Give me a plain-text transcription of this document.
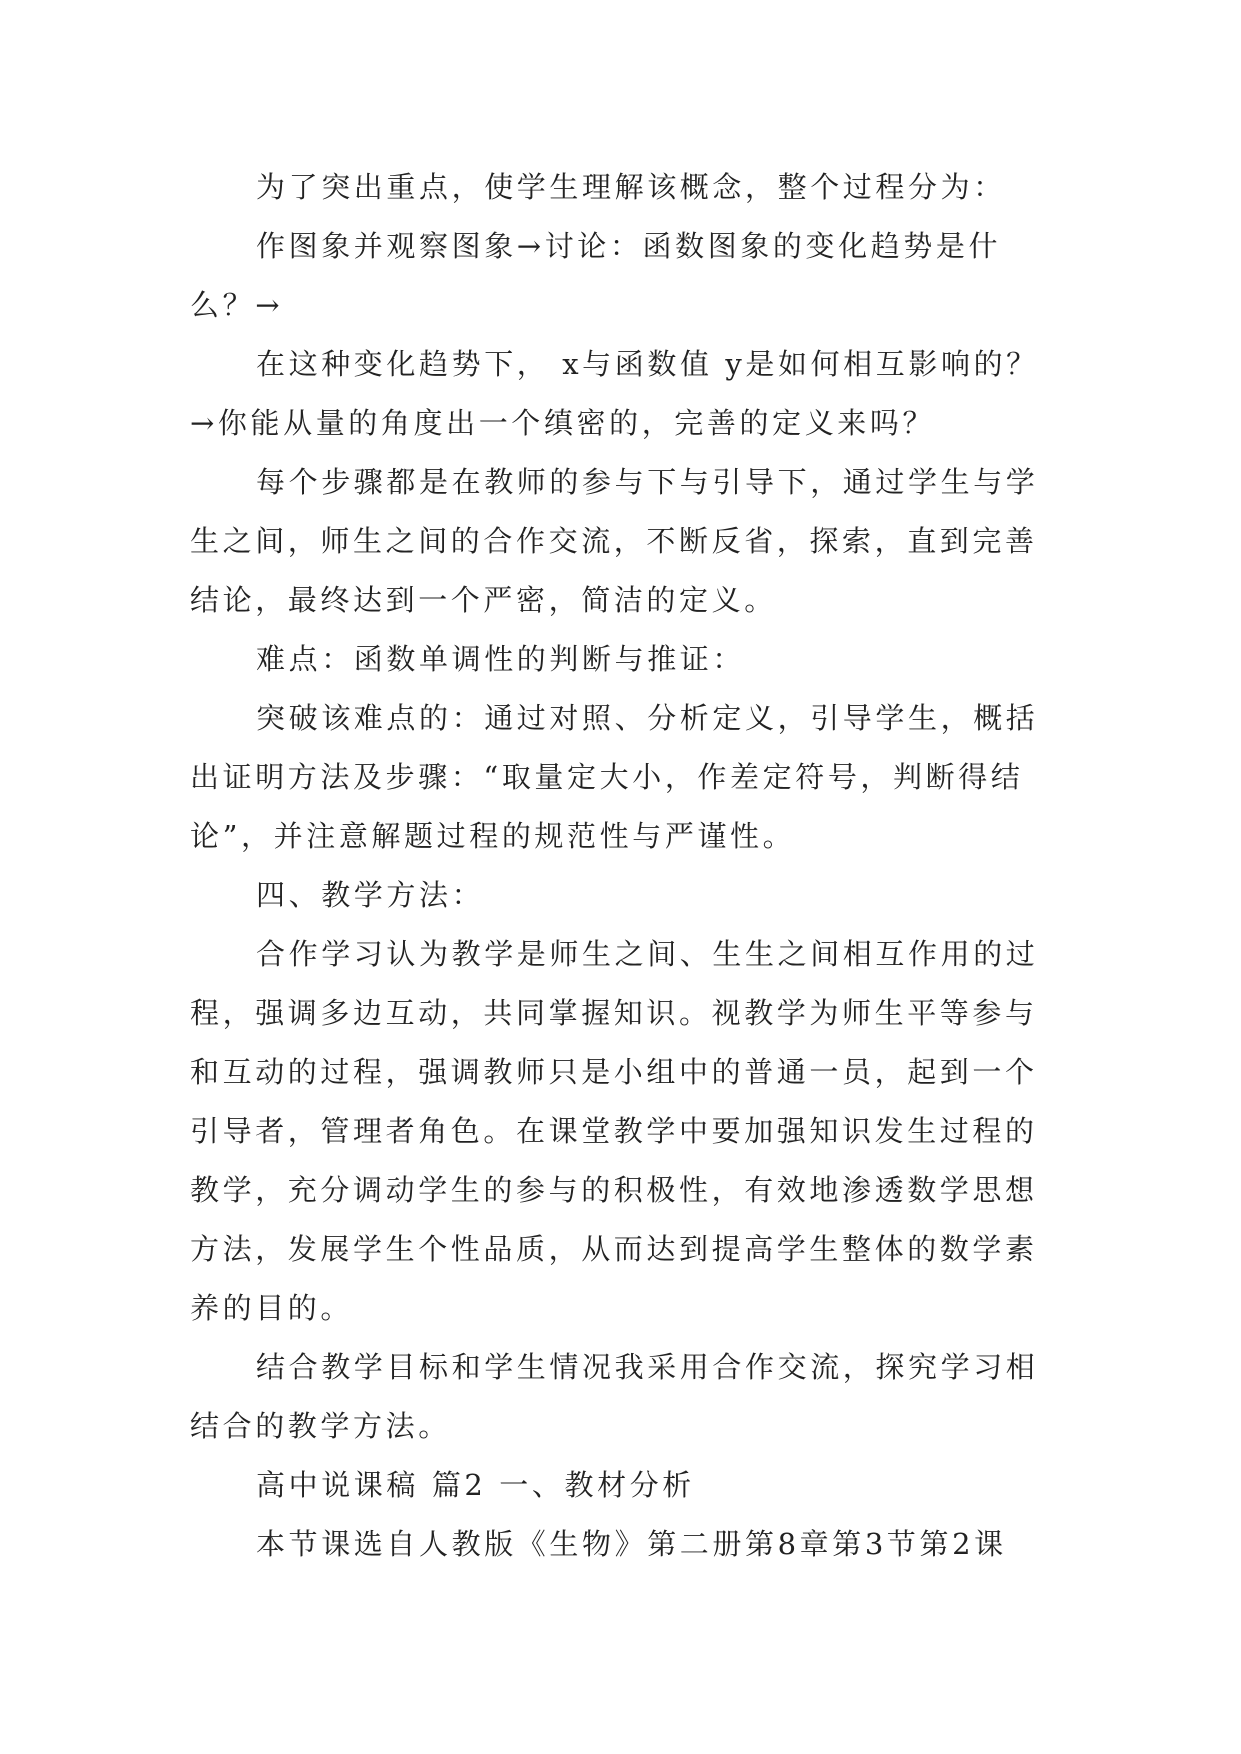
为了突出重点，使学生理解该概念，整个过程分为：
作图象并观察图象→讨论：函数图象的变化趋势是什
么？→
在这种变化趋势下， x与函数值 y是如何相互影响的？
→你能从量的角度出一个缜密的，完善的定义来吗？
每个步骤都是在教师的参与下与引导下，通过学生与学
生之间，师生之间的合作交流，不断反省，探索，直到完善
结论，最终达到一个严密，简洁的定义。
难点：函数单调性的判断与推证：
突破该难点的：通过对照、分析定义，引导学生，概括
出证明方法及步骤：“取量定大小，作差定符号，判断得结
论”，并注意解题过程的规范性与严谨性。
四、教学方法：
合作学习认为教学是师生之间、生生之间相互作用的过
程，强调多边互动，共同掌握知识。视教学为师生平等参与
和互动的过程，强调教师只是小组中的普通一员，起到一个
引导者，管理者角色。在课堂教学中要加强知识发生过程的
教学，充分调动学生的参与的积极性，有效地渗透数学思想
方法，发展学生个性品质，从而达到提高学生整体的数学素
养的目的。
结合教学目标和学生情况我采用合作交流，探究学习相
结合的教学方法。
高中说课稿 篇2 一、教材分析
本节课选自人教版《生物》第二册第8章第3节第2课
